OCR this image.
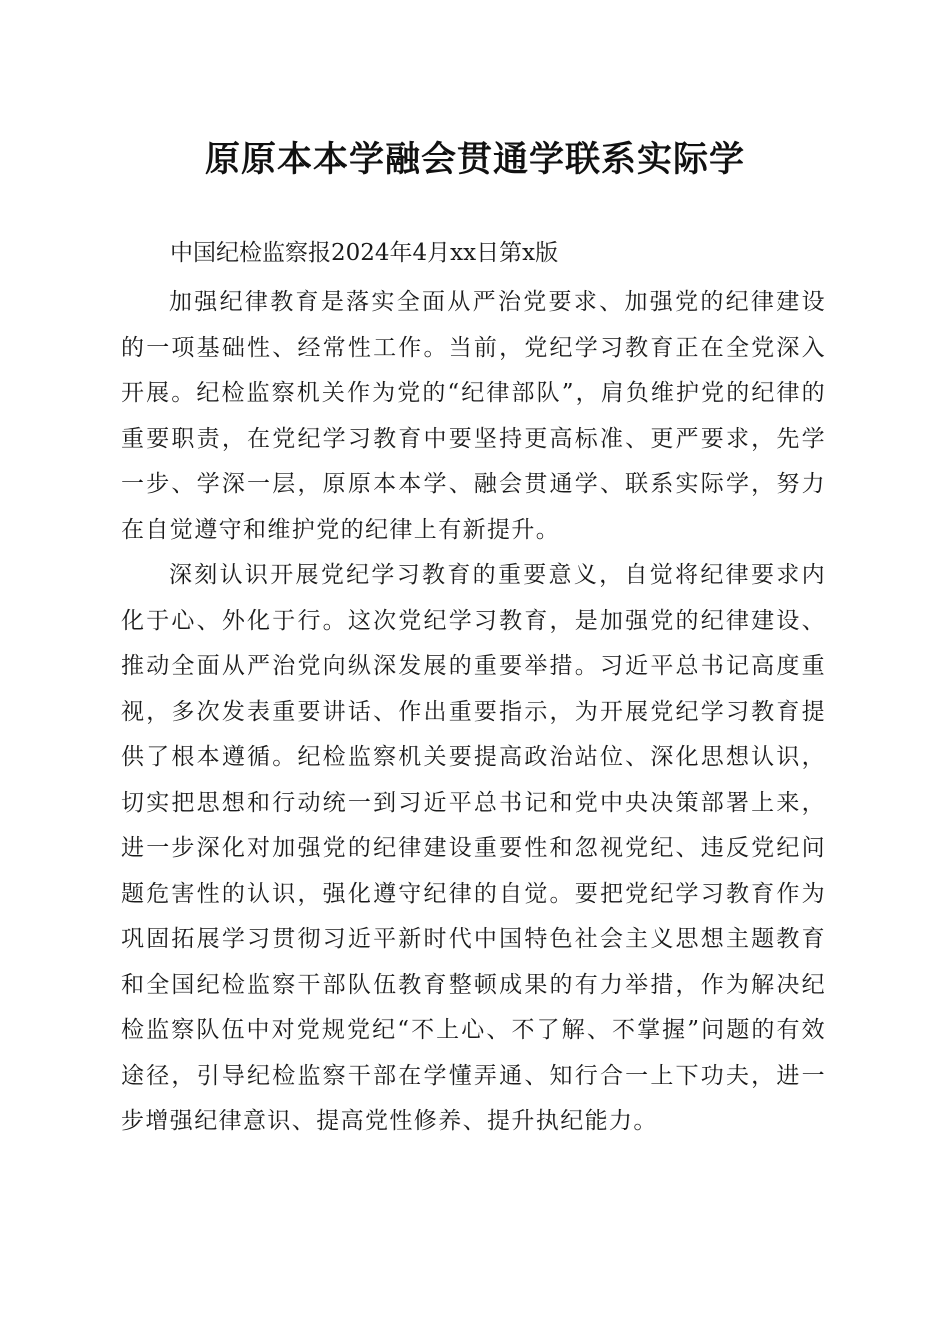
原原本本学融会贯通学联系实际学

中国纪检监察报2024年4月xx日第x版

加强纪律教育是落实全面从严治党要求、加强党的纪律建设的一项基础性、经常性工作。当前，党纪学习教育正在全党深入开展。纪检监察机关作为党的“纪律部队”，肩负维护党的纪律的重要职责，在党纪学习教育中要坚持更高标准、更严要求，先学一步、学深一层，原原本本学、融会贯通学、联系实际学，努力在自觉遵守和维护党的纪律上有新提升。

深刻认识开展党纪学习教育的重要意义，自觉将纪律要求内化于心、外化于行。这次党纪学习教育，是加强党的纪律建设、推动全面从严治党向纵深发展的重要举措。习近平总书记高度重视，多次发表重要讲话、作出重要指示，为开展党纪学习教育提供了根本遵循。纪检监察机关要提高政治站位、深化思想认识，切实把思想和行动统一到习近平总书记和党中央决策部署上来，进一步深化对加强党的纪律建设重要性和忽视党纪、违反党纪问题危害性的认识，强化遵守纪律的自觉。要把党纪学习教育作为巩固拓展学习贯彻习近平新时代中国特色社会主义思想主题教育和全国纪检监察干部队伍教育整顿成果的有力举措，作为解决纪检监察队伍中对党规党纪“不上心、不了解、不掌握”问题的有效途径，引导纪检监察干部在学懂弄通、知行合一上下功夫，进一步增强纪律意识、提高党性修养、提升执纪能力。
